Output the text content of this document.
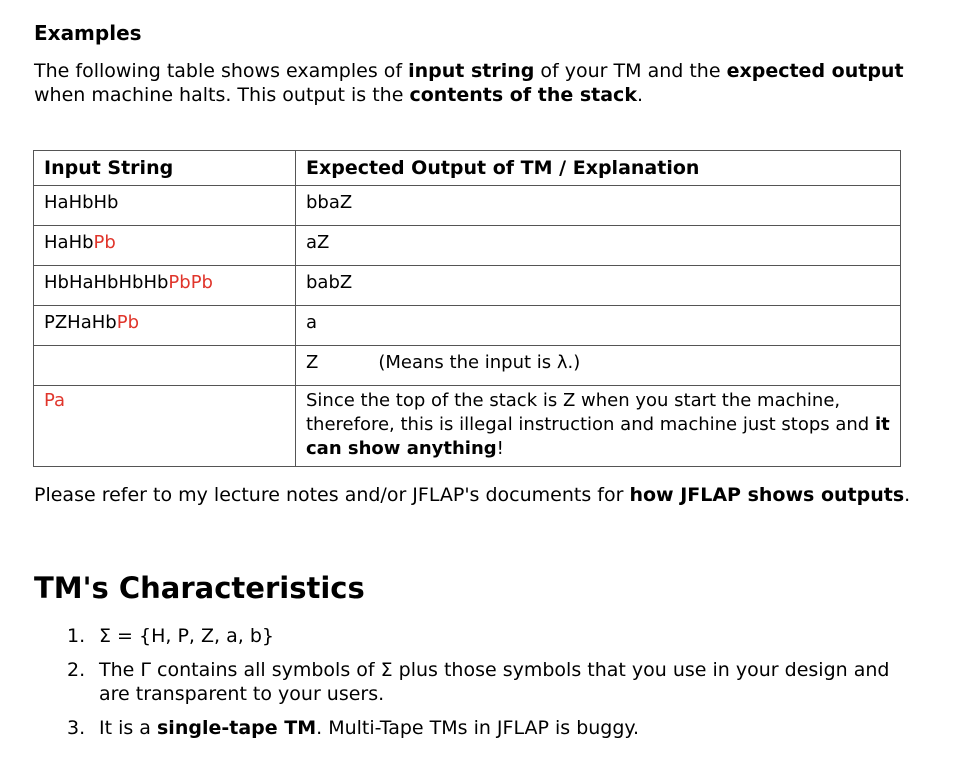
Examples

The following table shows examples of input string of your TM and the expected output when machine halts. This output is the contents of the stack.

Input String	Expected Output of TM / Explanation
HaHbHb	bbaZ
HaHbPb	aZ
HbHaHbHbHbPbPb	babZ
PZHaHbPb	a
	Z (Means the input is λ.)
Pa	Since the top of the stack is Z when you start the machine, therefore, this is illegal instruction and machine just stops and it can show anything!

Please refer to my lecture notes and/or JFLAP's documents for how JFLAP shows outputs.

TM's Characteristics
1. Σ = {H, P, Z, a, b}
2. The Γ contains all symbols of Σ plus those symbols that you use in your design and are transparent to your users.
3. It is a single-tape TM. Multi-Tape TMs in JFLAP is buggy.
